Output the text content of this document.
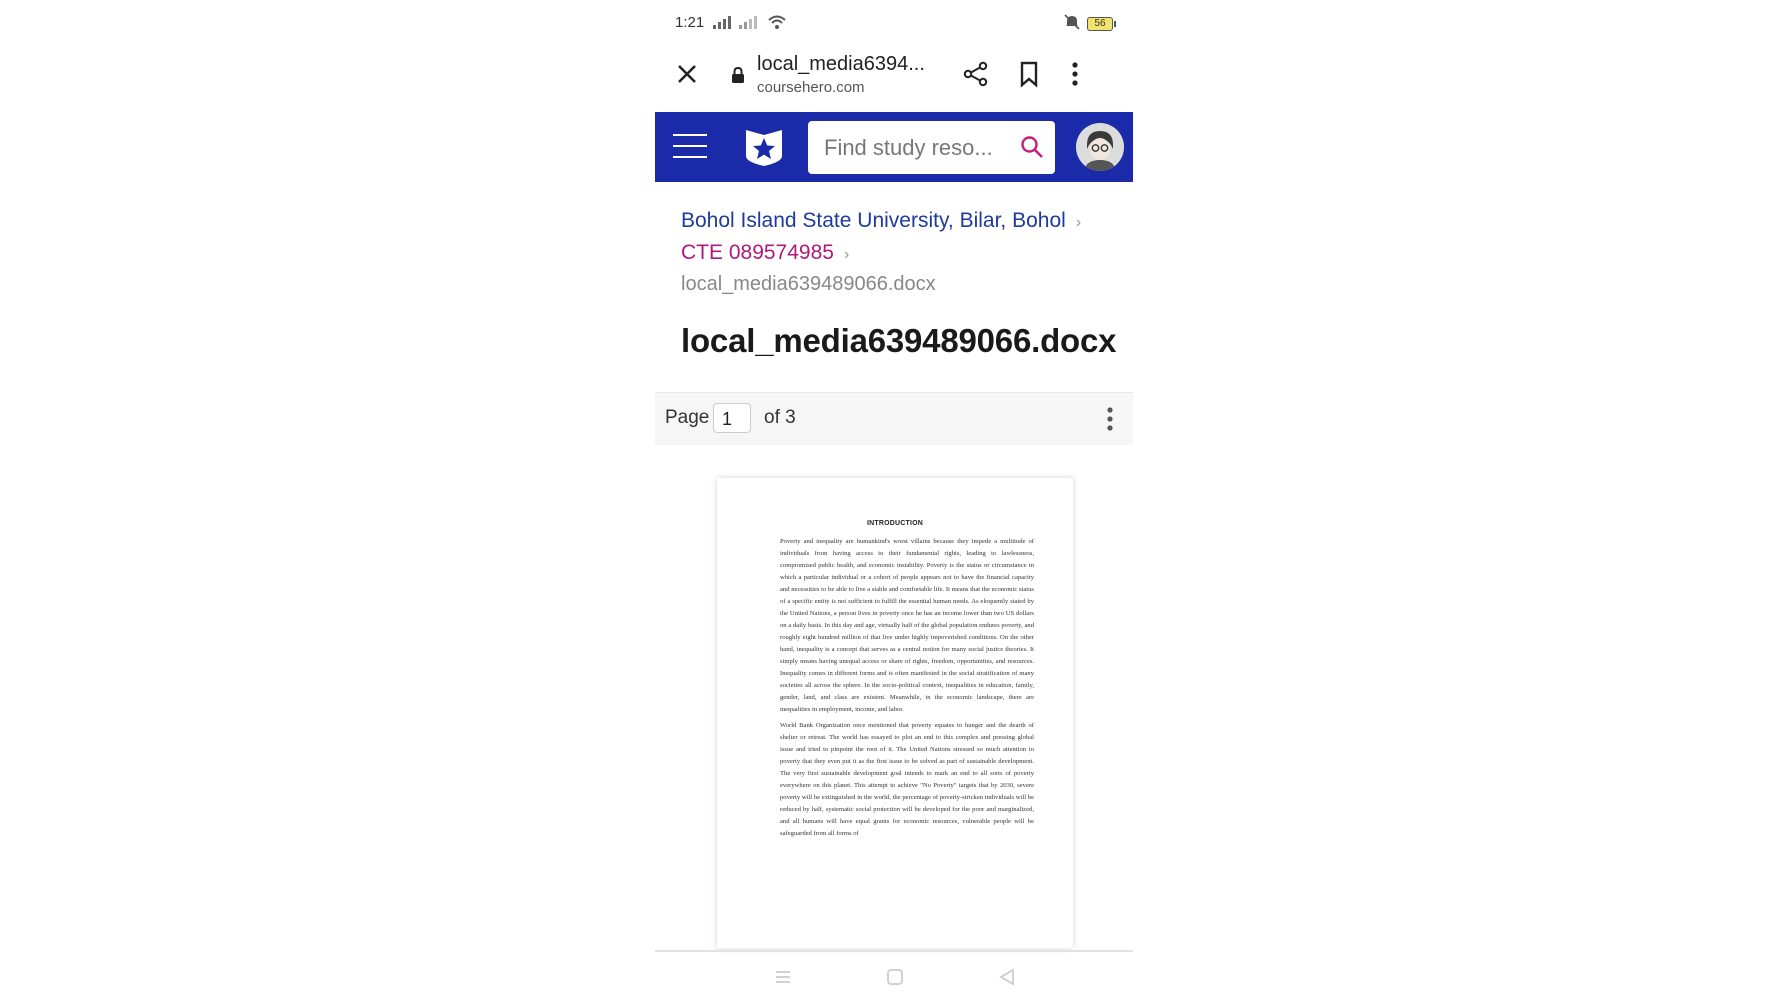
1:21	56
local_media6394...
coursehero.com
Find study reso...
Bohol Island State University, Bilar, Bohol ›
CTE 089574985 ›
local_media639489066.docx
local_media639489066.docx
Page 1	of 3
INTRODUCTION

Poverty and inequality are humankind's worst villains because they impede a multitude of individuals from having access to their fundamental rights, leading to lawlessness, compromised public health, and economic instability. Poverty is the status or circumstance in which a particular individual or a cohort of people appears not to have the financial capacity and necessities to be able to live a stable and comfortable life. It means that the economic status of a specific entity is not sufficient to fulfill the essential human needs. As eloquently stated by the United Nations, a person lives in poverty once he has an income lower than two US dollars on a daily basis. In this day and age, virtually half of the global population endures poverty, and roughly eight hundred million of that live under highly impoverished conditions. On the other hand, inequality is a concept that serves as a central notion for many social justice theories. It simply means having unequal access or share of rights, freedom, opportunities, and resources. Inequality comes in different forms and is often manifested in the social stratification of many societies all across the sphere. In the socio-political context, inequalities in education, family, gender, land, and class are existent. Meanwhile, in the economic landscape, there are inequalities in employment, income, and labor.

World Bank Organization once mentioned that poverty equates to hunger and the dearth of shelter or retreat. The world has essayed to plot an end to this complex and pressing global issue and tried to pinpoint the root of it. The United Nations stressed so much attention to poverty that they even put it as the first issue to be solved as part of sustainable development. The very first sustainable development goal intends to mark an end to all sorts of poverty everywhere on this planet. This attempt to achieve "No Poverty" targets that by 2030, severe poverty will be extinguished in the world, the percentage of poverty-stricken individuals will be reduced by half, systematic social protection will be developed for the poor and marginalized, and all humans will have equal grants for economic resources, vulnerable people will be safeguarded from all forms of
